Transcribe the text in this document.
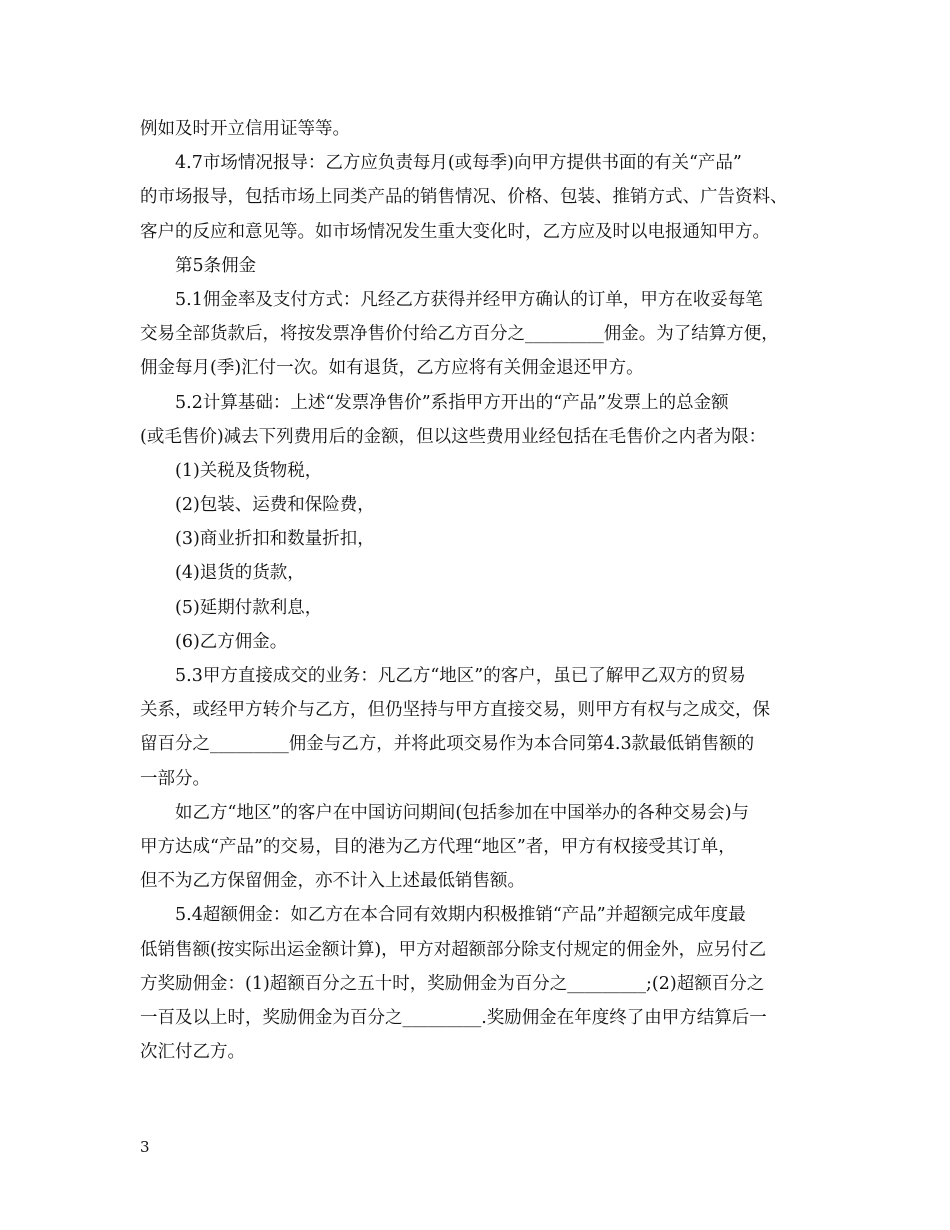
例如及时开立信用证等等。
4.7市场情况报导：乙方应负责每月(或每季)向甲方提供书面的有关“产品”
的市场报导，包括市场上同类产品的销售情况、价格、包装、推销方式、广告资料、
客户的反应和意见等。如市场情况发生重大变化时，乙方应及时以电报通知甲方。
第5条佣金
5.1佣金率及支付方式：凡经乙方获得并经甲方确认的订单，甲方在收妥每笔
交易全部货款后，将按发票净售价付给乙方百分之_________佣金。为了结算方便，
佣金每月(季)汇付一次。如有退货，乙方应将有关佣金退还甲方。
5.2计算基础：上述“发票净售价”系指甲方开出的“产品”发票上的总金额
(或毛售价)减去下列费用后的金额，但以这些费用业经包括在毛售价之内者为限：
(1)关税及货物税，
(2)包装、运费和保险费，
(3)商业折扣和数量折扣，
(4)退货的货款，
(5)延期付款利息，
(6)乙方佣金。
5.3甲方直接成交的业务：凡乙方“地区”的客户，虽已了解甲乙双方的贸易
关系，或经甲方转介与乙方，但仍坚持与甲方直接交易，则甲方有权与之成交，保
留百分之_________佣金与乙方，并将此项交易作为本合同第4.3款最低销售额的
一部分。
如乙方“地区”的客户在中国访问期间(包括参加在中国举办的各种交易会)与
甲方达成“产品”的交易，目的港为乙方代理“地区”者，甲方有权接受其订单，
但不为乙方保留佣金，亦不计入上述最低销售额。
5.4超额佣金：如乙方在本合同有效期内积极推销“产品”并超额完成年度最
低销售额(按实际出运金额计算)，甲方对超额部分除支付规定的佣金外，应另付乙
方奖励佣金：(1)超额百分之五十时，奖励佣金为百分之_________;(2)超额百分之
一百及以上时，奖励佣金为百分之_________.奖励佣金在年度终了由甲方结算后一
次汇付乙方。
3
